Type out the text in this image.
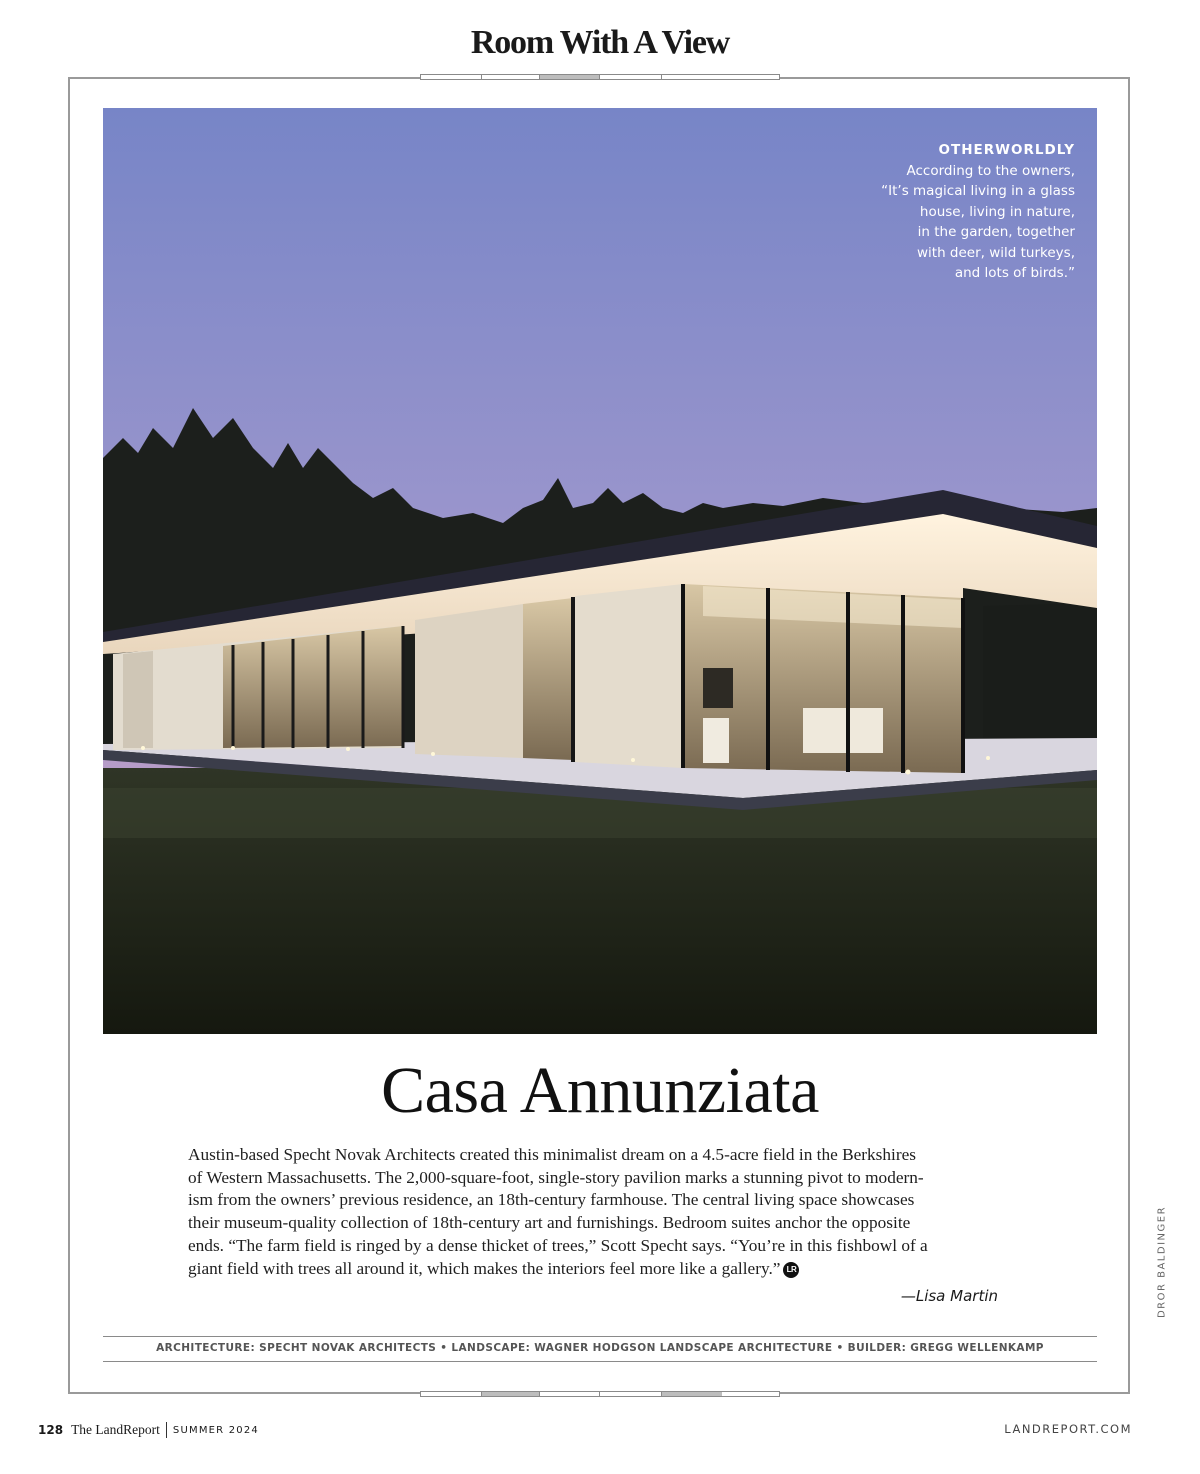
Room With A View
OTHERWORLDLY
According to the owners,
“It’s magical living in a glass
house, living in nature,
in the garden, together
with deer, wild turkeys,
and lots of birds.”
Casa Annunziata
Austin-based Specht Novak Architects created this minimalist dream on a 4.5-acre field in the Berkshires
of Western Massachusetts. The 2,000-square-foot, single-story pavilion marks a stunning pivot to modern-
ism from the owners’ previous residence, an 18th-century farmhouse. The central living space showcases
their museum-quality collection of 18th-century art and furnishings. Bedroom suites anchor the opposite
ends. “The farm field is ringed by a dense thicket of trees,” Scott Specht says. “You’re in this fishbowl of a
giant field with trees all around it, which makes the interiors feel more like a gallery.” LR
—Lisa Martin
ARCHITECTURE: SPECHT NOVAK ARCHITECTS • LANDSCAPE: WAGNER HODGSON LANDSCAPE ARCHITECTURE • BUILDER: GREGG WELLENKAMP
DROR BALDINGER
128 The LandReport SUMMER 2024	LANDREPORT.COM
